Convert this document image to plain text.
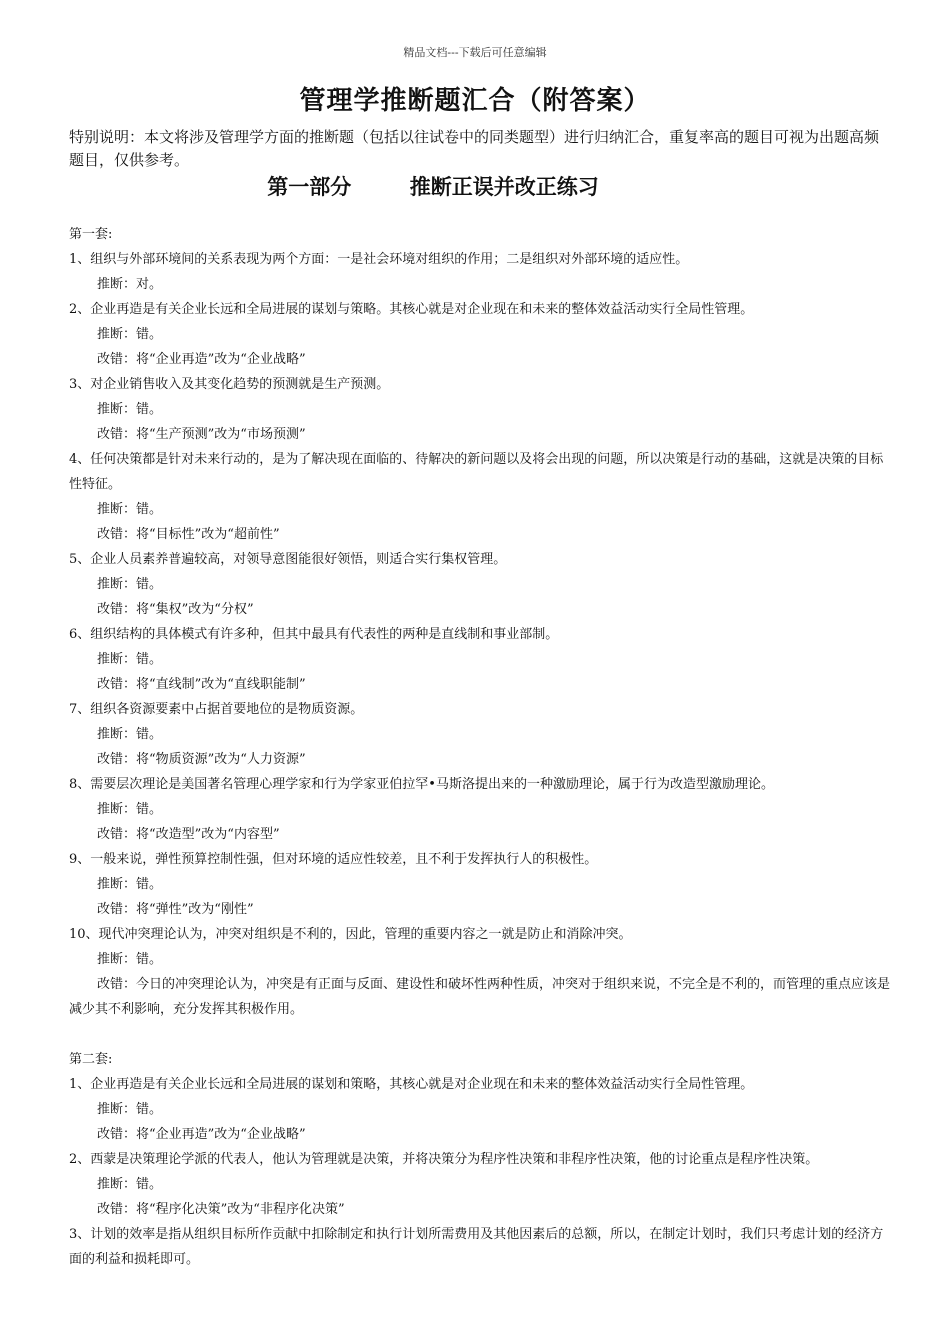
精品文档---下载后可任意编辑
管理学推断题汇合（附答案）
特别说明：本文将涉及管理学方面的推断题（包括以往试卷中的同类题型）进行归纳汇合，重复率高的题目可视为出题高频题目，仅供参考。
第一部分        推断正误并改正练习
第一套:
1、组织与外部环境间的关系表现为两个方面：一是社会环境对组织的作用；二是组织对外部环境的适应性。
推断：对。
2、企业再造是有关企业长远和全局进展的谋划与策略。其核心就是对企业现在和未来的整体效益活动实行全局性管理。
推断：错。
改错：将“企业再造”改为“企业战略”
3、对企业销售收入及其变化趋势的预测就是生产预测。
推断：错。
改错：将“生产预测”改为“市场预测”
4、任何决策都是针对未来行动的，是为了解决现在面临的、待解决的新问题以及将会出现的问题，所以决策是行动的基础，这就是决策的目标性特征。
推断：错。
改错：将“目标性”改为“超前性”
5、企业人员素养普遍较高，对领导意图能很好领悟，则适合实行集权管理。
推断：错。
改错：将“集权”改为“分权”
6、组织结构的具体模式有许多种，但其中最具有代表性的两种是直线制和事业部制。
推断：错。
改错：将“直线制”改为“直线职能制”
7、组织各资源要素中占据首要地位的是物质资源。
推断：错。
改错：将“物质资源”改为“人力资源”
8、需要层次理论是美国著名管理心理学家和行为学家亚伯拉罕•马斯洛提出来的一种激励理论，属于行为改造型激励理论。
推断：错。
改错：将“改造型”改为“内容型”
9、一般来说，弹性预算控制性强，但对环境的适应性较差，且不利于发挥执行人的积极性。
推断：错。
改错：将“弹性”改为“刚性”
10、现代冲突理论认为，冲突对组织是不利的，因此，管理的重要内容之一就是防止和消除冲突。
推断：错。
改错：今日的冲突理论认为，冲突是有正面与反面、建设性和破坏性两种性质，冲突对于组织来说，不完全是不利的，而管理的重点应该是减少其不利影响，充分发挥其积极作用。
第二套:
1、企业再造是有关企业长远和全局进展的谋划和策略，其核心就是对企业现在和未来的整体效益活动实行全局性管理。
推断：错。
改错：将“企业再造”改为“企业战略”
2、西蒙是决策理论学派的代表人，他认为管理就是决策，并将决策分为程序性决策和非程序性决策，他的讨论重点是程序性决策。
推断：错。
改错：将“程序化决策”改为“非程序化决策”
3、计划的效率是指从组织目标所作贡献中扣除制定和执行计划所需费用及其他因素后的总额，所以，在制定计划时，我们只考虑计划的经济方面的利益和损耗即可。
